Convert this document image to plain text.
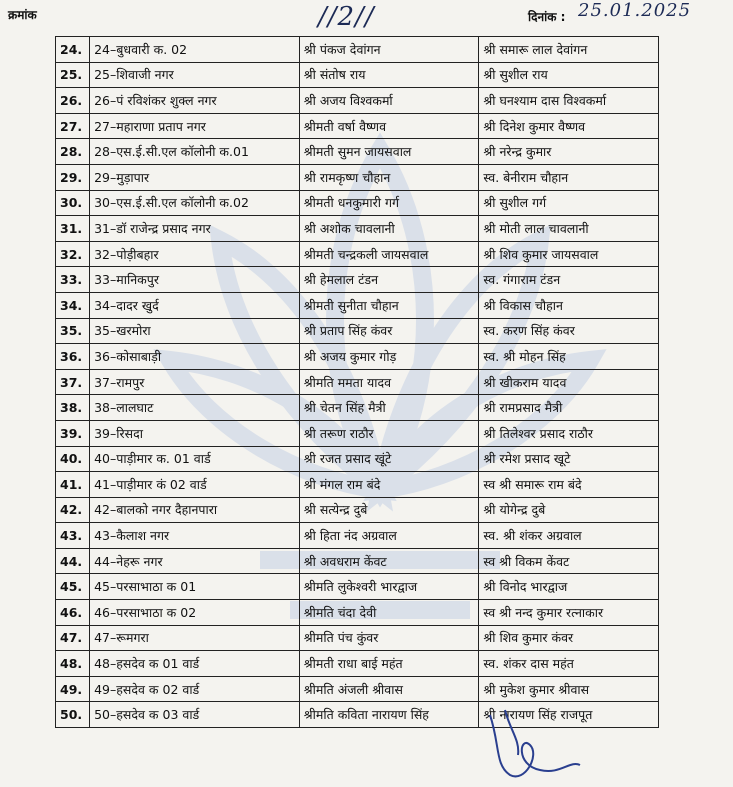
क्रमांक	//2//	दिनांक : 25.01.2025
24.	24–बुधवारी क. 02	श्री पंकज देवांगन	श्री समारू लाल देवांगन
25.	25–शिवाजी नगर	श्री संतोष राय	श्री सुशील राय
26.	26–पं रविशंकर शुक्ल नगर	श्री अजय विश्वकर्मा	श्री घनश्याम दास विश्वकर्मा
27.	27–महाराणा प्रताप नगर	श्रीमती वर्षा वैष्णव	श्री दिनेश कुमार वैष्णव
28.	28–एस.ई.सी.एल कॉलोनी क.01	श्रीमती सुमन जायसवाल	श्री नरेन्द्र कुमार
29.	29–मुड़ापार	श्री रामकृष्ण चौहान	स्व. बेनीराम चौहान
30.	30–एस.ई.सी.एल कॉलोनी क.02	श्रीमती धनकुमारी गर्ग	श्री सुशील गर्ग
31.	31–डॉ राजेन्द्र प्रसाद नगर	श्री अशोक चावलानी	श्री मोती लाल चावलानी
32.	32–पोड़ीबहार	श्रीमती चन्द्रकली जायसवाल	श्री शिव कुमार जायसवाल
33.	33–मानिकपुर	श्री हेमलाल टंडन	स्व. गंगाराम टंडन
34.	34–दादर खुर्द	श्रीमती सुनीता चौहान	श्री विकास चौहान
35.	35–खरमोरा	श्री प्रताप सिंह कंवर	स्व. करण सिंह कंवर
36.	36–कोसाबाड़ी	श्री अजय कुमार गोड़	स्व. श्री मोहन सिंह
37.	37–रामपुर	श्रीमति ममता यादव	श्री खीकराम यादव
38.	38–लालघाट	श्री चेतन सिंह मैत्री	श्री रामप्रसाद मैत्री
39.	39–रिसदा	श्री तरूण राठौर	श्री तिलेश्वर प्रसाद राठौर
40.	40–पाड़ीमार क. 01 वार्ड	श्री रजत प्रसाद खूंटे	श्री रमेश प्रसाद खूटे
41.	41–पाड़ीमार कं 02 वार्ड	श्री मंगल राम बंदे	स्व श्री समारू राम बंदे
42.	42–बालको नगर दैहानपारा	श्री सत्येन्द्र दुबे	श्री योगेन्द्र दुबे
43.	43–कैलाश नगर	श्री हिता नंद अग्रवाल	स्व. श्री शंकर अग्रवाल
44.	44–नेहरू नगर	श्री अवधराम केंवट	स्व श्री विकम केंवट
45.	45–परसाभाठा क 01	श्रीमति लुकेश्वरी भारद्वाज	श्री विनोद भारद्वाज
46.	46–परसाभाठा क 02	श्रीमति चंदा देवी	स्व श्री नन्द कुमार रत्नाकार
47.	47–रूमगरा	श्रीमति पंच कुंवर	श्री शिव कुमार कंवर
48.	48–हसदेव क 01 वार्ड	श्रीमती राधा बाई महंत	स्व. शंकर दास महंत
49.	49–हसदेव क 02 वार्ड	श्रीमति अंजली श्रीवास	श्री मुकेश कुमार श्रीवास
50.	50–हसदेव क 03 वार्ड	श्रीमति कविता नारायण सिंह	श्री नारायण सिंह राजपूत
